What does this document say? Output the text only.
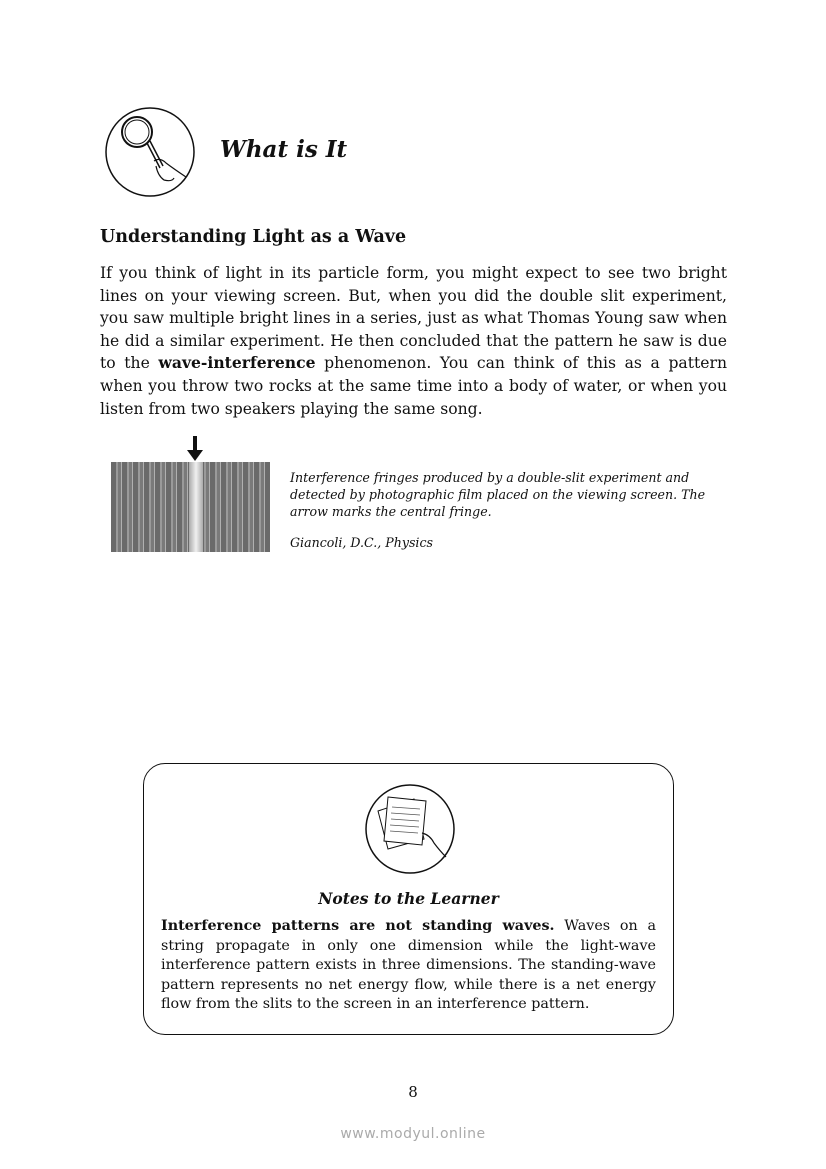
What is It
Understanding Light as a Wave
If you think of light in its particle form, you might expect to see two bright lines on your viewing screen. But, when you did the double slit experiment, you saw multiple bright lines in a series, just as what Thomas Young saw when he did a similar experiment. He then concluded that the pattern he saw is due to the wave-interference phenomenon. You can think of this as a pattern when you throw two rocks at the same time into a body of water, or when you listen from two speakers playing the same song.
Interference fringes produced by a double-slit experiment and detected by photographic film placed on the viewing screen. The arrow marks the central fringe.
Giancoli, D.C., Physics
Notes to the Learner
Interference patterns are not standing waves. Waves on a string propagate in only one dimension while the light-wave interference pattern exists in three dimensions. The standing-wave pattern represents no net energy flow, while there is a net energy flow from the slits to the screen in an interference pattern.
8
www.modyul.online
